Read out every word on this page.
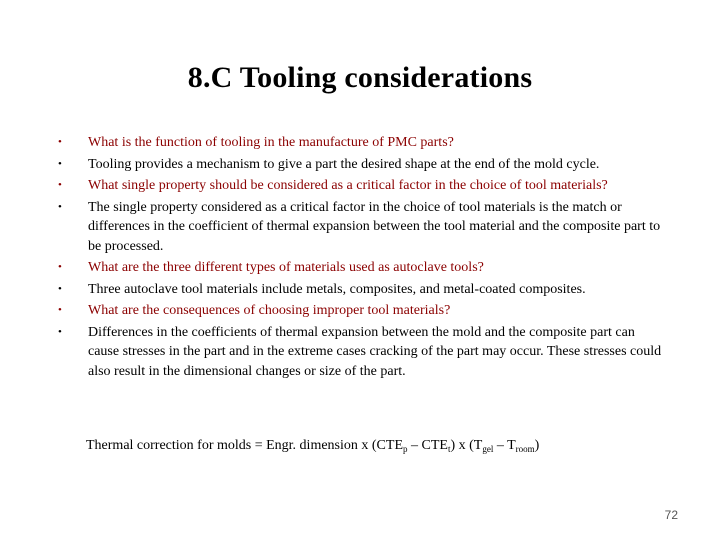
8.C Tooling considerations
•	What is the function of tooling in the manufacture of PMC parts?
•	Tooling provides a mechanism to give a part the desired shape at the end of the mold cycle.
•	What single property should be considered as a critical factor in the choice of tool materials?
•	The single property considered as a critical factor in the choice of tool materials is the match or differences in the coefficient of thermal expansion between the tool material and the composite part to be processed.
•	What are the three different types of materials used as autoclave tools?
•	Three autoclave tool materials include metals, composites, and metal-coated composites.
•	What are the consequences of choosing improper tool materials?
•	Differences in the coefficients of thermal expansion between the mold and the composite part can cause stresses in the part and in the extreme cases cracking of the part may occur. These stresses could also result in the dimensional changes or size of the part.
Thermal correction for molds = Engr. dimension x $(CTE_p - CTE_t)$ x $(T_{gel} - T_{room})$
72
